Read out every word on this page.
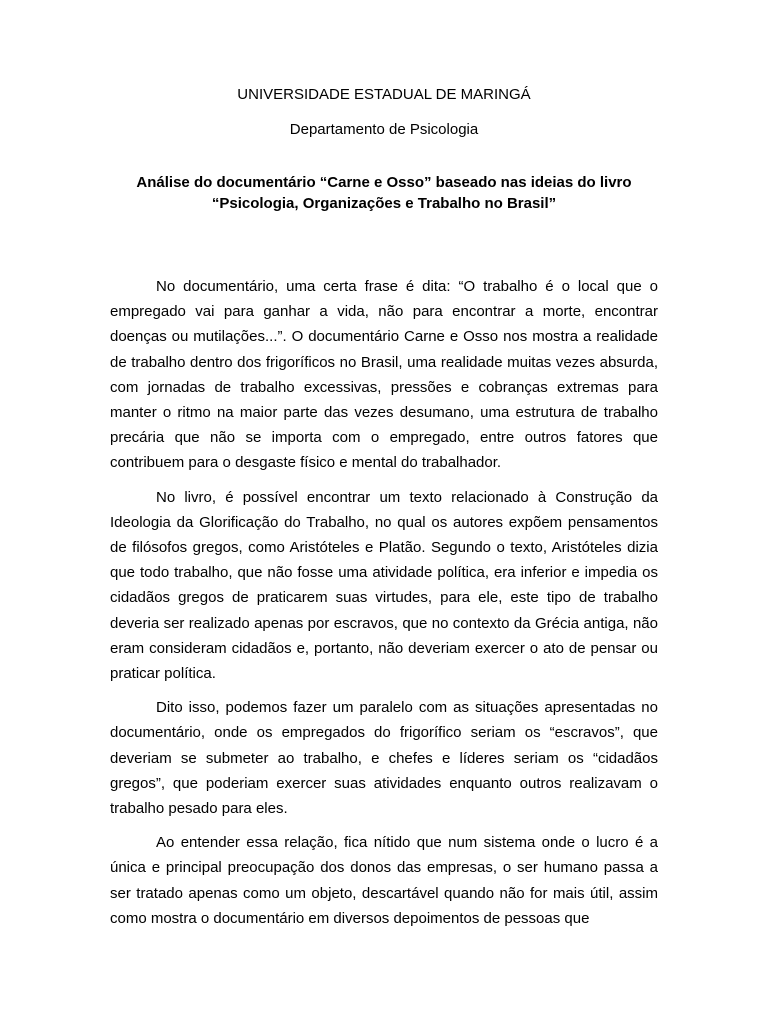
UNIVERSIDADE ESTADUAL DE MARINGÁ
Departamento de Psicologia
Análise do documentário “Carne e Osso” baseado nas ideias do livro
“Psicologia, Organizações e Trabalho no Brasil”

No documentário, uma certa frase é dita: “O trabalho é o local que o empregado vai para ganhar a vida, não para encontrar a morte, encontrar doenças ou mutilações...”. O documentário Carne e Osso nos mostra a realidade de trabalho dentro dos frigoríficos no Brasil, uma realidade muitas vezes absurda, com jornadas de trabalho excessivas, pressões e cobranças extremas para manter o ritmo na maior parte das vezes desumano, uma estrutura de trabalho precária que não se importa com o empregado, entre outros fatores que contribuem para o desgaste físico e mental do trabalhador.

No livro, é possível encontrar um texto relacionado à Construção da Ideologia da Glorificação do Trabalho, no qual os autores expõem pensamentos de filósofos gregos, como Aristóteles e Platão. Segundo o texto, Aristóteles dizia que todo trabalho, que não fosse uma atividade política, era inferior e impedia os cidadãos gregos de praticarem suas virtudes, para ele, este tipo de trabalho deveria ser realizado apenas por escravos, que no contexto da Grécia antiga, não eram consideram cidadãos e, portanto, não deveriam exercer o ato de pensar ou praticar política.

Dito isso, podemos fazer um paralelo com as situações apresentadas no documentário, onde os empregados do frigorífico seriam os “escravos”, que deveriam se submeter ao trabalho, e chefes e líderes seriam os “cidadãos gregos”, que poderiam exercer suas atividades enquanto outros realizavam o trabalho pesado para eles.

Ao entender essa relação, fica nítido que num sistema onde o lucro é a única e principal preocupação dos donos das empresas, o ser humano passa a ser tratado apenas como um objeto, descartável quando não for mais útil, assim como mostra o documentário em diversos depoimentos de pessoas que
